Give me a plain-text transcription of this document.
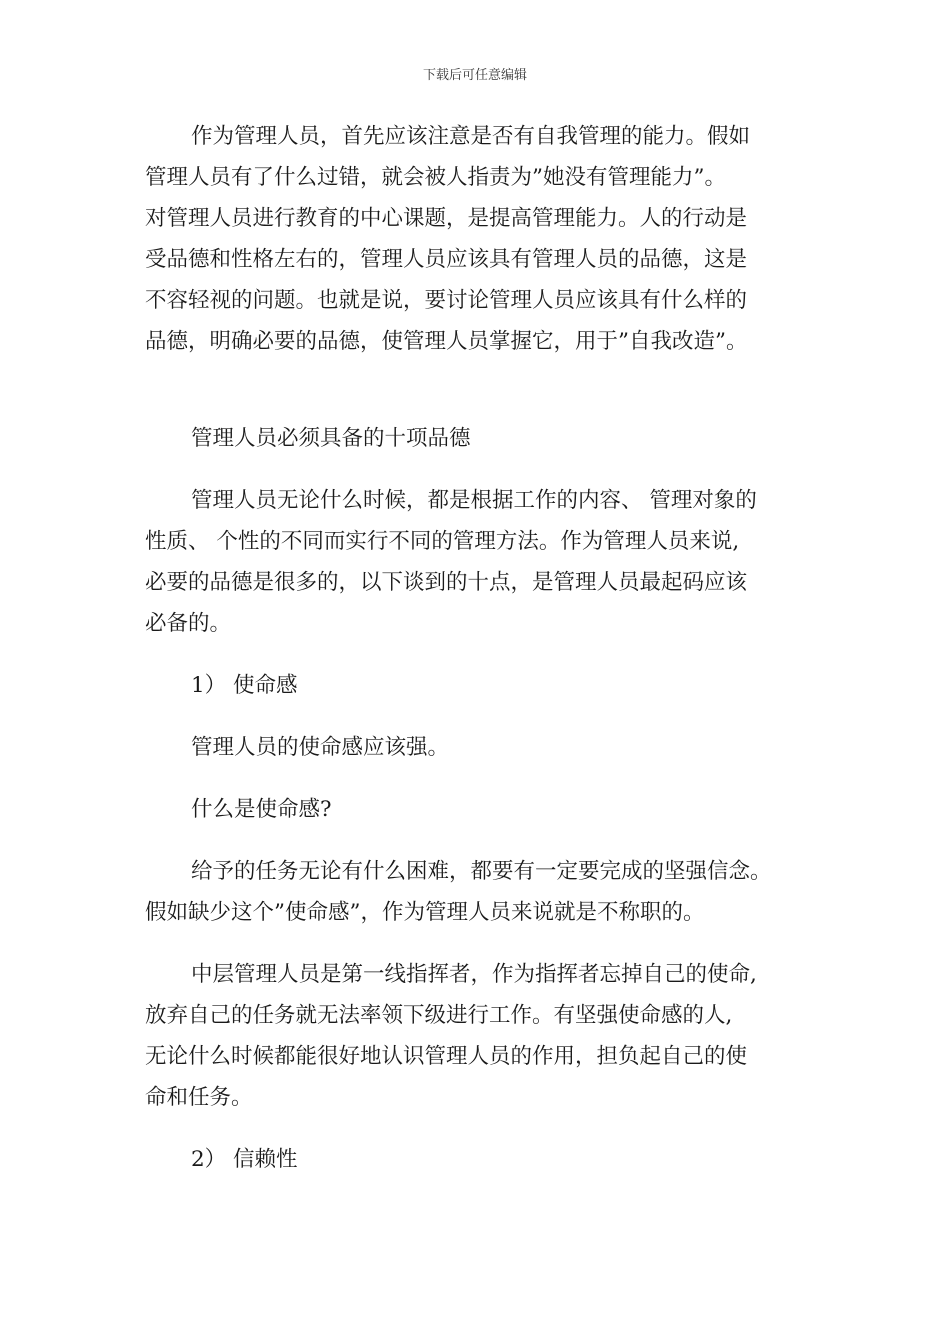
下载后可任意编辑
作为管理人员，首先应该注意是否有自我管理的能力。假如
管理人员有了什么过错，就会被人指责为”她没有管理能力”。
对管理人员进行教育的中心课题，是提高管理能力。人的行动是
受品德和性格左右的，管理人员应该具有管理人员的品德，这是
不容轻视的问题。也就是说，要讨论管理人员应该具有什么样的
品德，明确必要的品德，使管理人员掌握它，用于”自我改造”。
管理人员必须具备的十项品德
管理人员无论什么时候，都是根据工作的内容、 管理对象的
性质、 个性的不同而实行不同的管理方法。作为管理人员来说,
必要的品德是很多的，以下谈到的十点，是管理人员最起码应该
必备的。
1） 使命感
管理人员的使命感应该强。
什么是使命感?
给予的任务无论有什么困难，都要有一定要完成的坚强信念。
假如缺少这个”使命感”，作为管理人员来说就是不称职的。
中层管理人员是第一线指挥者，作为指挥者忘掉自己的使命,
放弃自己的任务就无法率领下级进行工作。有坚强使命感的人,
无论什么时候都能很好地认识管理人员的作用，担负起自己的使
命和任务。
2） 信赖性
